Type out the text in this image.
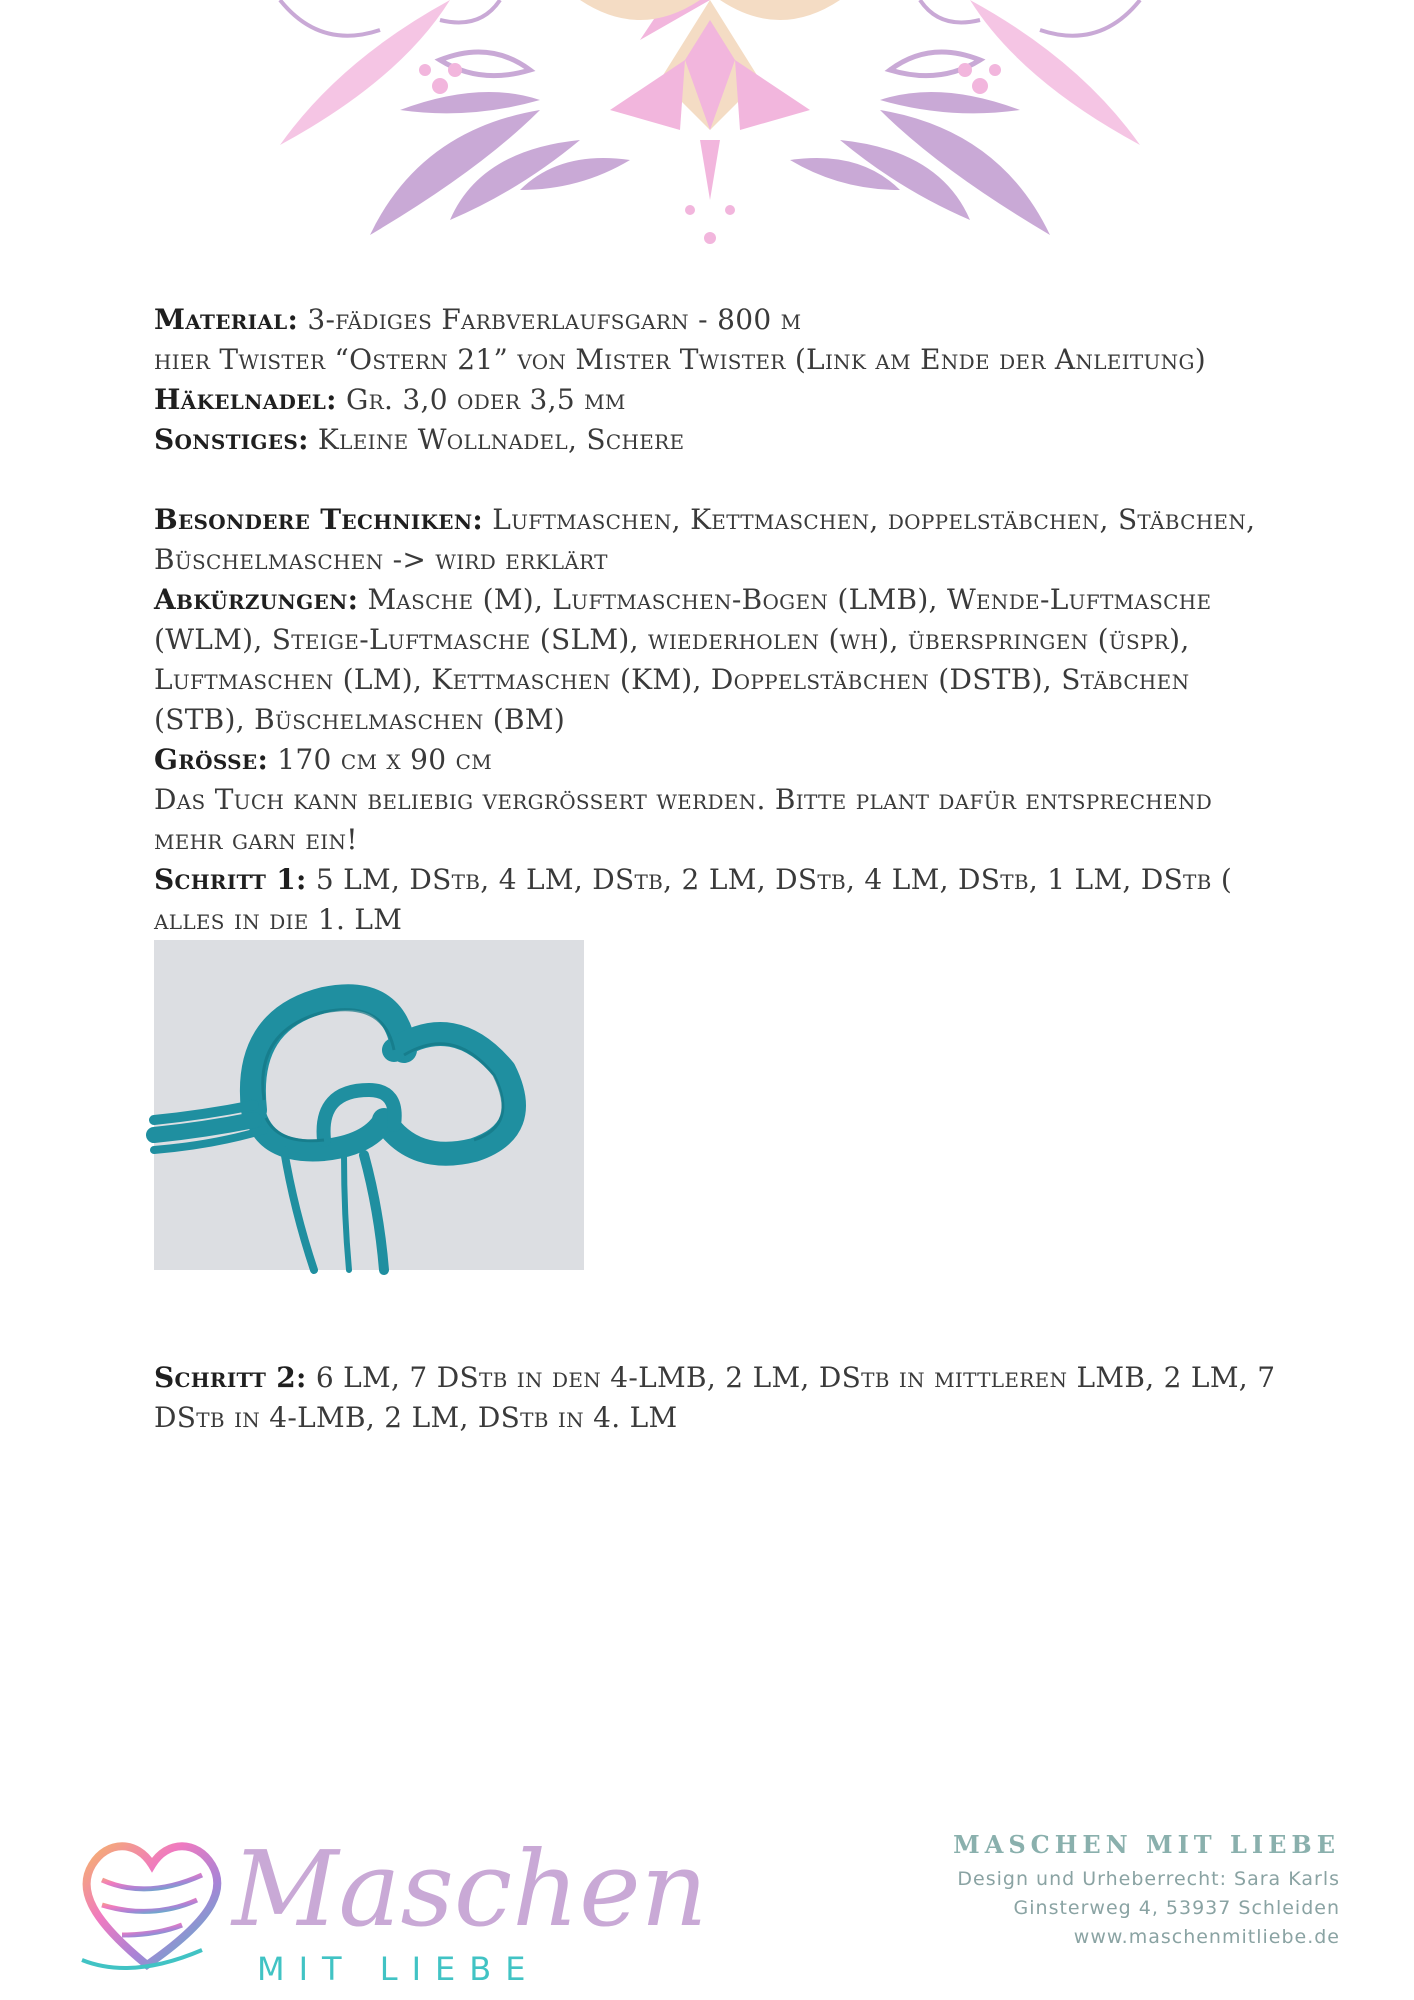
Material: 3-fädiges Farbverlaufsgarn - 800 m

hier Twister “Ostern 21” von Mister Twister (Link am Ende der Anleitung)

Häkelnadel: Gr. 3,0 oder 3,5 mm

Sonstiges: Kleine Wollnadel, Schere

Besondere Techniken: Luftmaschen, Kettmaschen, doppelstäbchen, Stäbchen, Büschelmaschen -> wird erklärt

Abkürzungen: Masche (M), Luftmaschen-Bogen (LMB), Wende-Luftmasche (WLM), Steige-Luftmasche (SLM), wiederholen (wh), überspringen (üspr), Luftmaschen (LM), Kettmaschen (KM), Doppelstäbchen (DSTB), Stäbchen (STB), Büschelmaschen (BM)

Grösse: 170 cm x 90 cm

Das Tuch kann beliebig vergrössert werden. Bitte plant dafür entsprechend mehr garn ein!

Schritt 1: 5 LM, DStb, 4 LM, DStb, 2 LM, DStb, 4 LM, DStb, 1 LM, DStb ( alles in die 1. LM

Schritt 2: 6 LM, 7 DStb in den 4-LMB, 2 LM, DStb in mittleren LMB, 2 LM, 7 DStb in 4-LMB, 2 LM, DStb in 4. LM

Maschen
MIT LIEBE
MASCHEN MIT LIEBE
Design und Urheberrecht: Sara Karls
Ginsterweg 4, 53937 Schleiden
www.maschenmitliebe.de
